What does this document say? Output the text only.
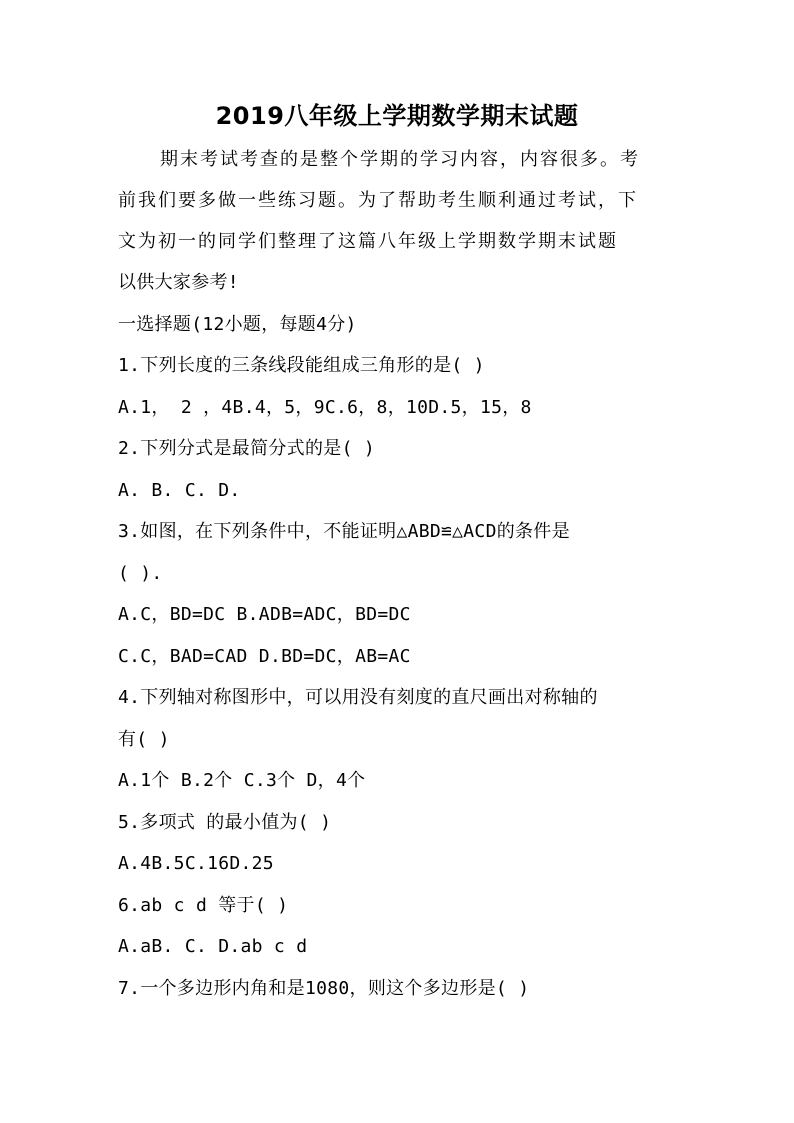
2019八年级上学期数学期末试题
期末考试考查的是整个学期的学习内容，内容很多。考
前我们要多做一些练习题。为了帮助考生顺利通过考试，下
文为初一的同学们整理了这篇八年级上学期数学期末试题
以供大家参考!
一选择题(12小题，每题4分)
1.下列长度的三条线段能组成三角形的是( )
A.1， 2 ，4B.4，5，9C.6，8，10D.5，15，8
2.下列分式是最简分式的是( )
A. B. C. D.
3.如图，在下列条件中，不能证明△ABD≌△ACD的条件是
( ).
A.C，BD=DC B.ADB=ADC，BD=DC
C.C，BAD=CAD D.BD=DC，AB=AC
4.下列轴对称图形中，可以用没有刻度的直尺画出对称轴的
有( )
A.1个 B.2个 C.3个 D，4个
5.多项式 的最小值为( )
A.4B.5C.16D.25
6.ab c d 等于( )
A.aB. C. D.ab c d
7.一个多边形内角和是1080，则这个多边形是( )
